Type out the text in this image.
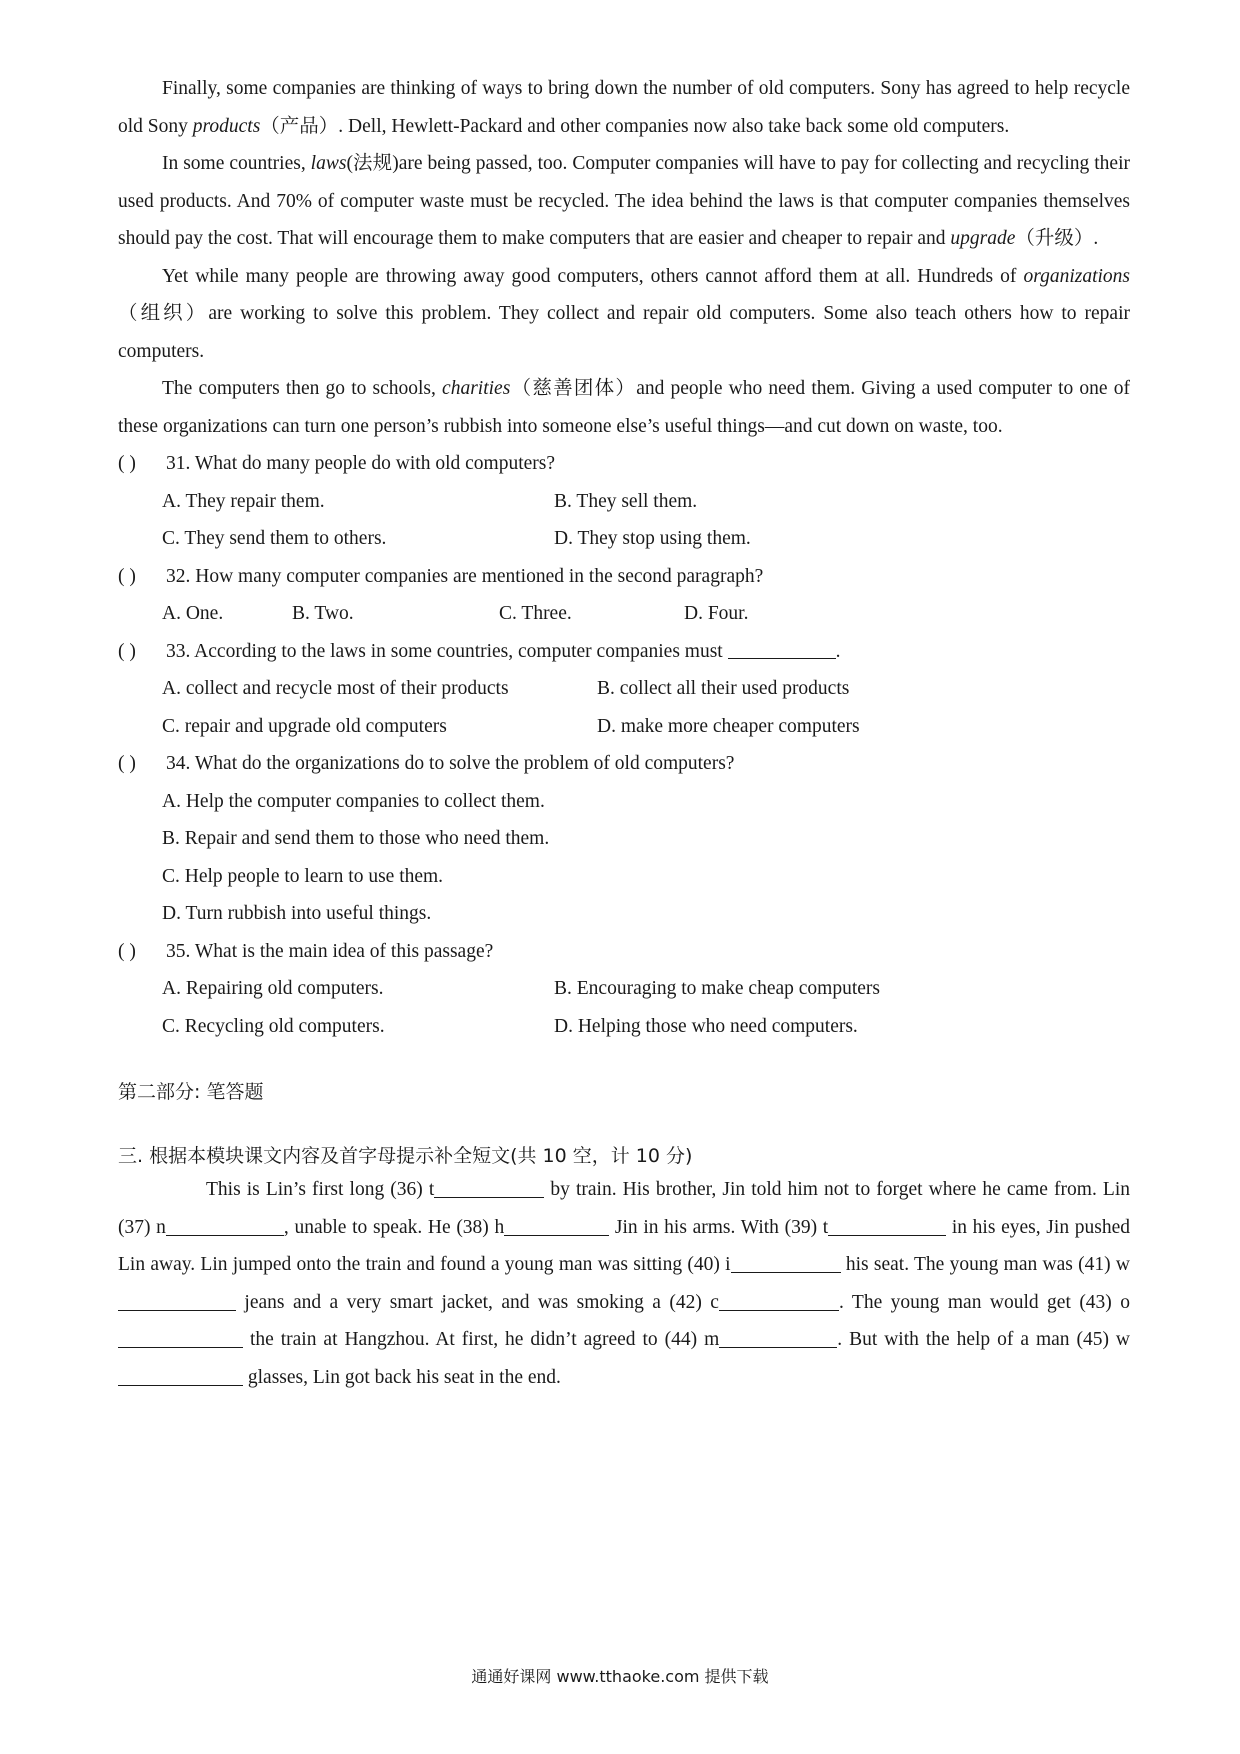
Finally, some companies are thinking of ways to bring down the number of old computers. Sony has agreed to help recycle old Sony products（产品）. Dell, Hewlett-Packard and other companies now also take back some old computers.

In some countries, laws(法规)are being passed, too. Computer companies will have to pay for collecting and recycling their used products. And 70% of computer waste must be recycled. The idea behind the laws is that computer companies themselves should pay the cost. That will encourage them to make computers that are easier and cheaper to repair and upgrade（升级）.

Yet while many people are throwing away good computers, others cannot afford them at all. Hundreds of organizations（组织）are working to solve this problem. They collect and repair old computers. Some also teach others how to repair computers.

The computers then go to schools, charities（慈善团体）and people who need them. Giving a used computer to one of these organizations can turn one person’s rubbish into someone else’s useful things—and cut down on waste, too.

( ) 31. What do many people do with old computers?

A. They repair them.	B. They sell them.
C. They send them to others.	D. They stop using them.

( ) 32. How many computer companies are mentioned in the second paragraph?

A. One.	B. Two.	C. Three.	D. Four.

( ) 33. According to the laws in some countries, computer companies must	.

A. collect and recycle most of their products	B. collect all their used products
C. repair and upgrade old computers	D. make more cheaper computers

( ) 34. What do the organizations do to solve the problem of old computers?

A. Help the computer companies to collect them.
B. Repair and send them to those who need them.
C. Help people to learn to use them.
D. Turn rubbish into useful things.

( ) 35. What is the main idea of this passage?

A. Repairing old computers.	B. Encouraging to make cheap computers
C. Recycling old computers.	D. Helping those who need computers.

第二部分: 笔答题

三. 根据本模块课文内容及首字母提示补全短文(共 10 空，计 10 分)

This is Lin’s first long (36) t	by train. His brother, Jin told him not to forget where he came from. Lin (37) n	, unable to speak. He (38) h	Jin in his arms. With (39) t	in his eyes, Jin pushed Lin away. Lin jumped onto the train and found a young man was sitting (40) i	his seat. The young man was (41) w jeans and a very smart jacket, and was smoking a (42) c	. The young man would get (43) o the train at Hangzhou. At first, he didn’t agreed to (44) m	. But with the help of a man (45) w glasses, Lin got back his seat in the end.

通通好课网 www.tthaoke.com 提供下载
